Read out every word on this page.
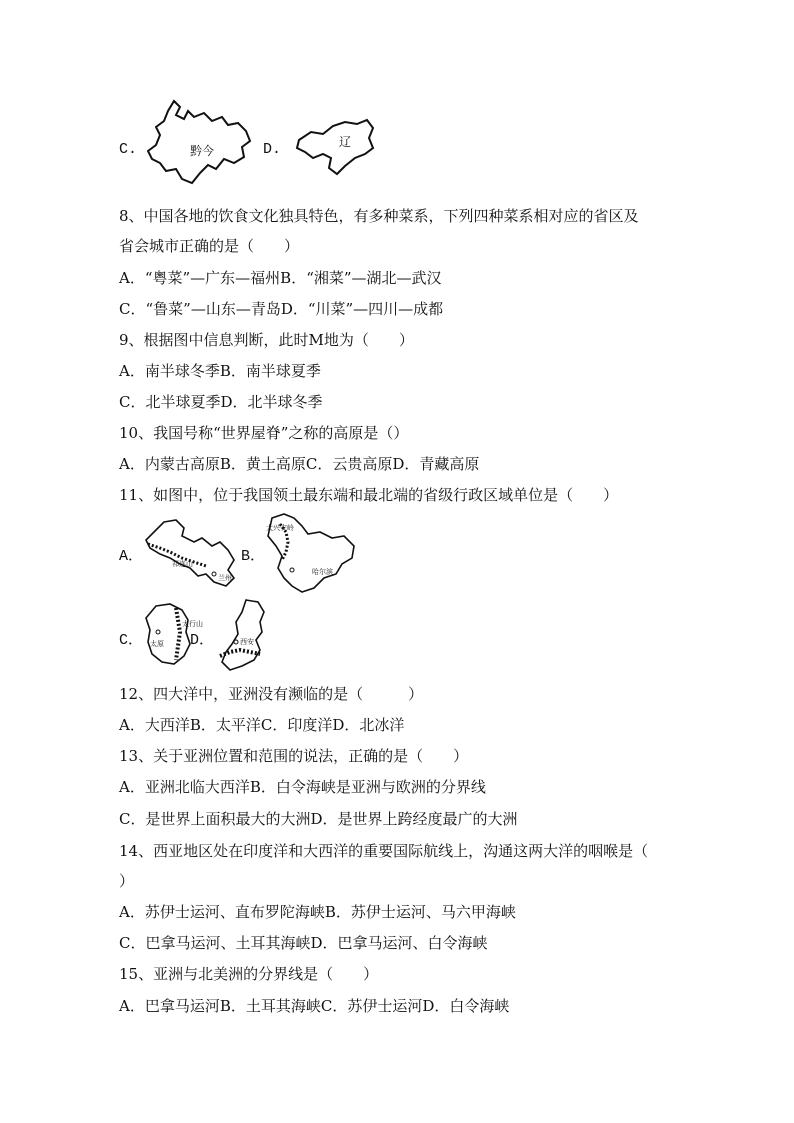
C.	黔今	D.	辽
8、中国各地的饮食文化独具特色，有多种菜系，下列四种菜系相对应的省区及
省会城市正确的是（　　）
A．“粤菜”—广东—福州B．“湘菜”—湖北—武汉
C．“鲁菜”—山东—青岛D．“川菜”—四川—成都
9、根据图中信息判断，此时M地为（　　）
A．南半球冬季B．南半球夏季
C．北半球夏季D．北半球冬季
10、我国号称“世界屋脊”之称的高原是（）
A．内蒙古高原B．黄土高原C．云贵高原D．青藏高原
11、如图中，位于我国领土最东端和最北端的省级行政区域单位是（　　）
A．	祁连山
兰州
B．
大兴安岭
哈尔滨
C． 太原
太行山
D．	西安
12、四大洋中，亚洲没有濒临的是（　　　）
A．大西洋B．太平洋C．印度洋D．北冰洋
13、关于亚洲位置和范围的说法，正确的是（　　）
A．亚洲北临大西洋B．白令海峡是亚洲与欧洲的分界线
C．是世界上面积最大的大洲D．是世界上跨经度最广的大洲
14、西亚地区处在印度洋和大西洋的重要国际航线上，沟通这两大洋的咽喉是（
）
A．苏伊士运河、直布罗陀海峡B．苏伊士运河、马六甲海峡
C．巴拿马运河、土耳其海峡D．巴拿马运河、白令海峡
15、亚洲与北美洲的分界线是（　　）
A．巴拿马运河B．土耳其海峡C．苏伊士运河D．白令海峡
